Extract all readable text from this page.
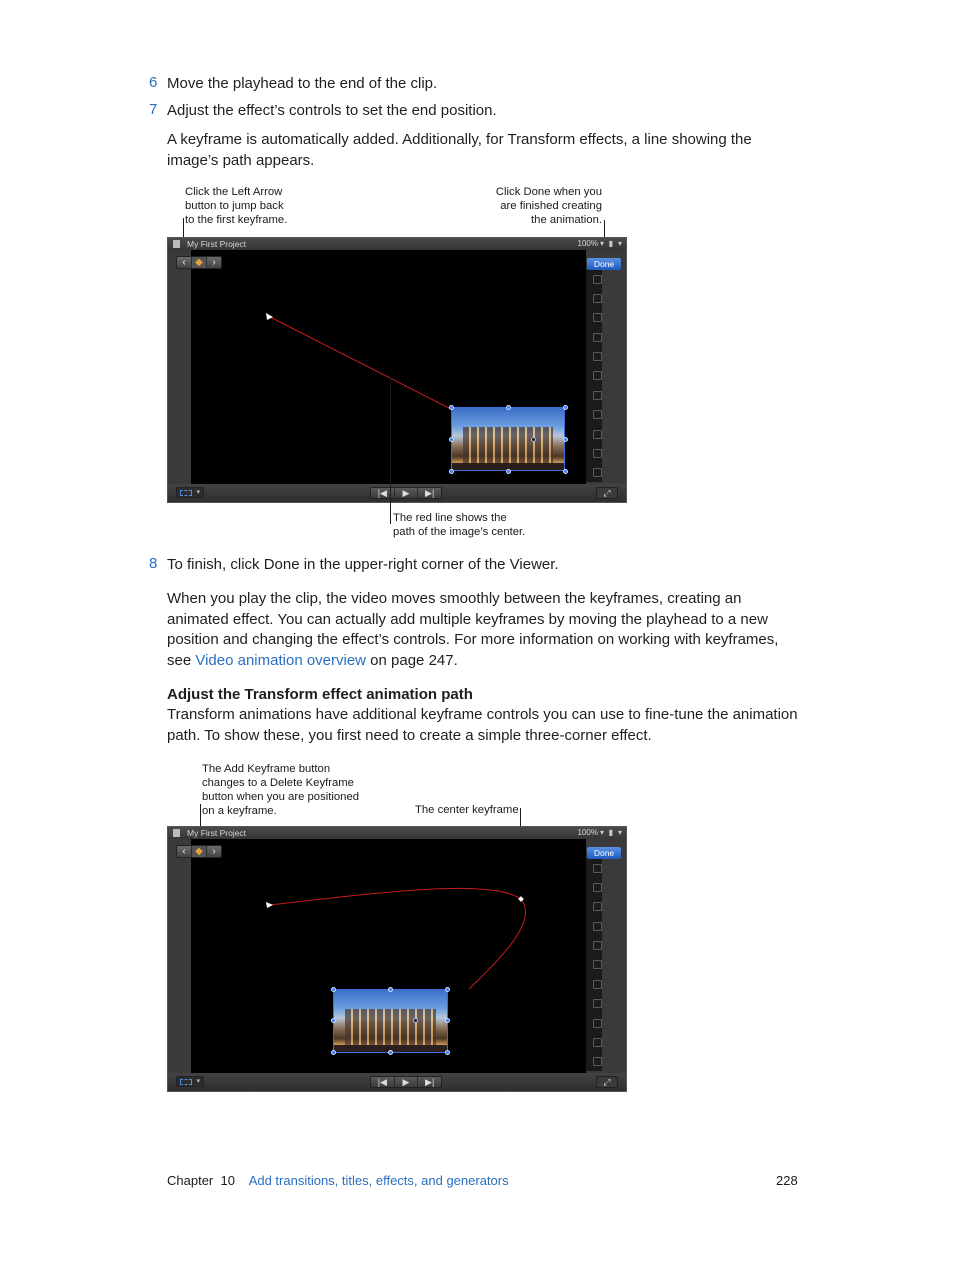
6 Move the playhead to the end of the clip.
7 Adjust the effect’s controls to set the end position.
A keyframe is automatically added. Additionally, for Transform effects, a line showing the image’s path appears.
Click the Left Arrow
button to jump back
to the first keyframe.
Click Done when you
are finished creating
the animation.
My First Project	100% ▾ ▮ ▾
‹ ◆ ›	Done
▾	|◀	▶	▶|	⤢
The red line shows the
path of the image’s center.
8 To finish, click Done in the upper-right corner of the Viewer.
When you play the clip, the video moves smoothly between the keyframes, creating an animated effect. You can actually add multiple keyframes by moving the playhead to a new position and changing the effect’s controls. For more information on working with keyframes, see Video animation overview on page 247.
Adjust the Transform effect animation path
Transform animations have additional keyframe controls you can use to fine-tune the animation path. To show these, you first need to create a simple three-corner effect.
The Add Keyframe button
changes to a Delete Keyframe
button when you are positioned
on a keyframe.	The center keyframe
My First Project	100% ▾ ▮ ▾
‹ ◆ ›	Done
▾	|◀	▶	▶|	⤢
Chapter 10 Add transitions, titles, effects, and generators	228
